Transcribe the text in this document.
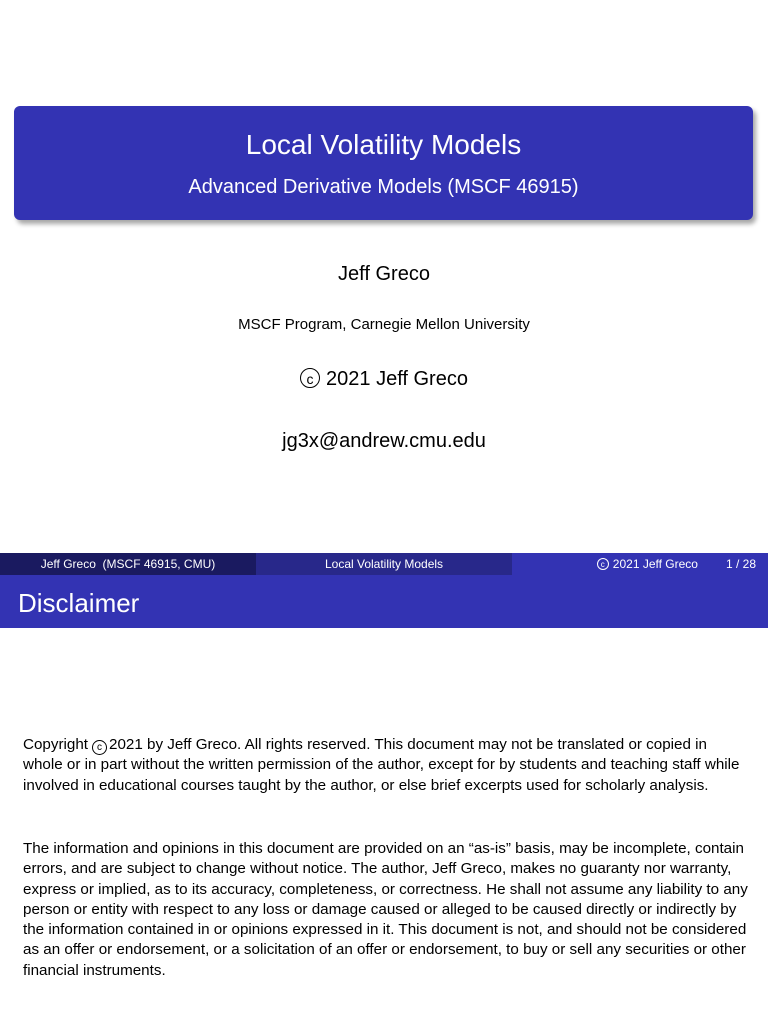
Local Volatility Models
Advanced Derivative Models (MSCF 46915)
Jeff Greco
MSCF Program, Carnegie Mellon University
c 2021 Jeff Greco
jg3x@andrew.cmu.edu
Jeff Greco  (MSCF 46915, CMU)	Local Volatility Models	c 2021 Jeff Greco 1 / 28
Disclaimer
Copyright c 2021 by Jeff Greco. All rights reserved. This document may not be translated or copied in whole or in part without the written permission of the author, except for by students and teaching staff while involved in educational courses taught by the author, or else brief excerpts used for scholarly analysis.
The information and opinions in this document are provided on an “as-is” basis, may be incomplete, contain errors, and are subject to change without notice. The author, Jeff Greco, makes no guaranty nor warranty, express or implied, as to its accuracy, completeness, or correctness. He shall not assume any liability to any person or entity with respect to any loss or damage caused or alleged to be caused directly or indirectly by the information contained in or opinions expressed in it. This document is not, and should not be considered as an offer or endorsement, or a solicitation of an offer or endorsement, to buy or sell any securities or other financial instruments.
